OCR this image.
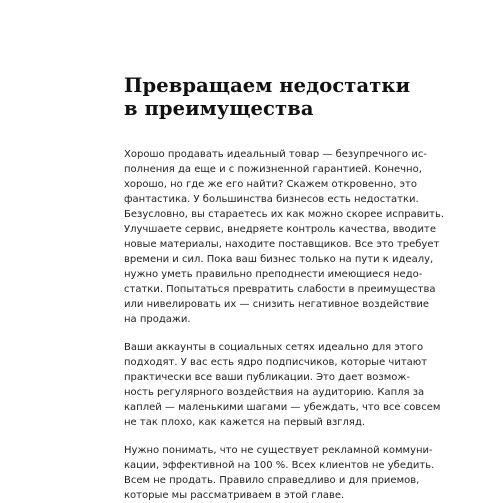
Превращаем недостатки
в преимущества

Хорошо продавать идеальный товар — безупречного ис-
полнения да еще и с пожизненной гарантией. Конечно,
хорошо, но где же его найти? Скажем откровенно, это
фантастика. У большинства бизнесов есть недостатки.
Безусловно, вы стараетесь их как можно скорее исправить.
Улучшаете сервис, внедряете контроль качества, вводите
новые материалы, находите поставщиков. Все это требует
времени и сил. Пока ваш бизнес только на пути к идеалу,
нужно уметь правильно преподнести имеющиеся недо-
статки. Попытаться превратить слабости в преимущества
или нивелировать их — снизить негативное воздействие
на продажи.

Ваши аккаунты в социальных сетях идеально для этого
подходят. У вас есть ядро подписчиков, которые читают
практически все ваши публикации. Это дает возмож-
ность регулярного воздействия на аудиторию. Капля за
каплей — маленькими шагами — убеждать, что все совсем
не так плохо, как кажется на первый взгляд.

Нужно понимать, что не существует рекламной коммуни-
кации, эффективной на 100 %. Всех клиентов не убедить.
Всем не продать. Правило справедливо и для приемов,
которые мы рассматриваем в этой главе.
